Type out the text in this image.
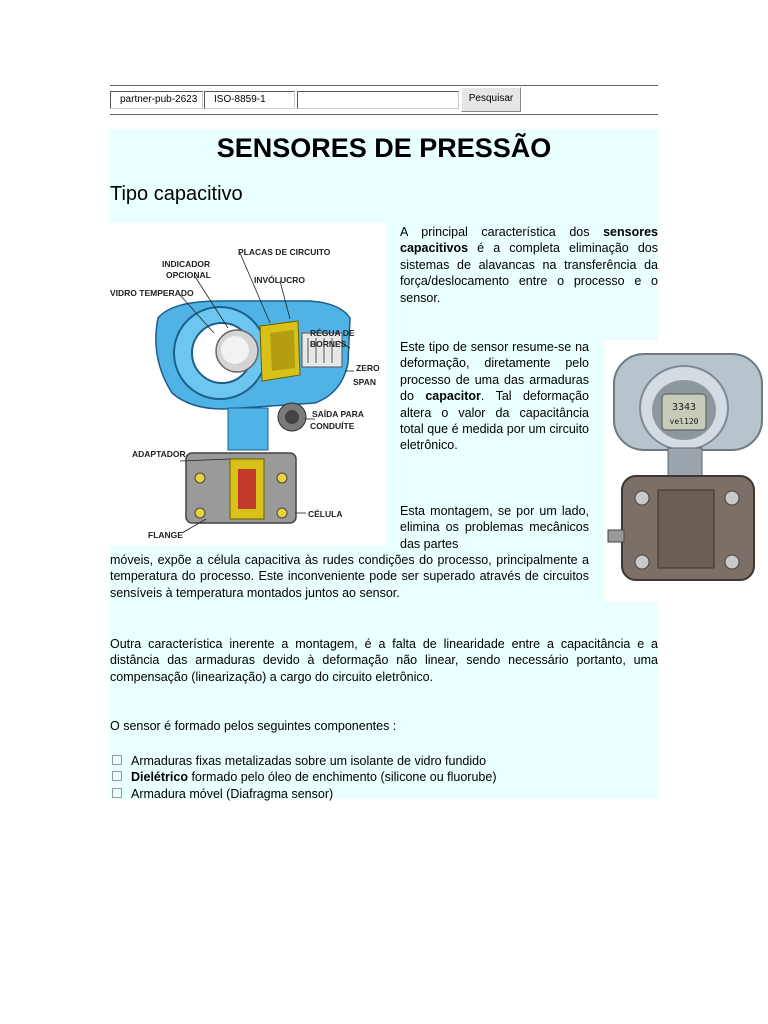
partner-pub-2623	ISO-8859-1	Pesquisar
SENSORES DE PRESSÃO
Tipo capacitivo
INDICADOR
OPCIONAL
PLACAS DE CIRCUITO
VIDRO TEMPERADO
INVÓLUCRO
RÉGUA DE
BORNES
ZERO
SPAN
SAÍDA PARA
CONDUÍTE
ADAPTADOR
CÉLULA
FLANGE
3343
vel120

A principal característica dos sensores capacitivos é a completa eliminação dos sistemas de alavancas na transferência da força/deslocamento entre o processo e o sensor.

Este tipo de sensor resume-se na deformação, diretamente pelo processo de uma das armaduras do capacitor. Tal deformação altera o valor da capacitância total que é medida por um circuito eletrônico.

Esta montagem, se por um lado, elimina os problemas mecânicos das partes

móveis, expõe a célula capacitiva às rudes condições do processo, principalmente a temperatura do processo. Este inconveniente pode ser superado através de circuitos sensíveis à temperatura montados juntos ao sensor.

Outra característica inerente a montagem, é a falta de linearidade entre a capacitância e a distância das armaduras devido à deformação não linear, sendo necessário portanto, uma compensação (linearização) a cargo do circuito eletrônico.

O sensor é formado pelos seguintes componentes :

Armaduras fixas metalizadas sobre um isolante de vidro fundido
Dielétrico formado pelo óleo de enchimento (silicone ou fluorube)
Armadura móvel (Diafragma sensor)
